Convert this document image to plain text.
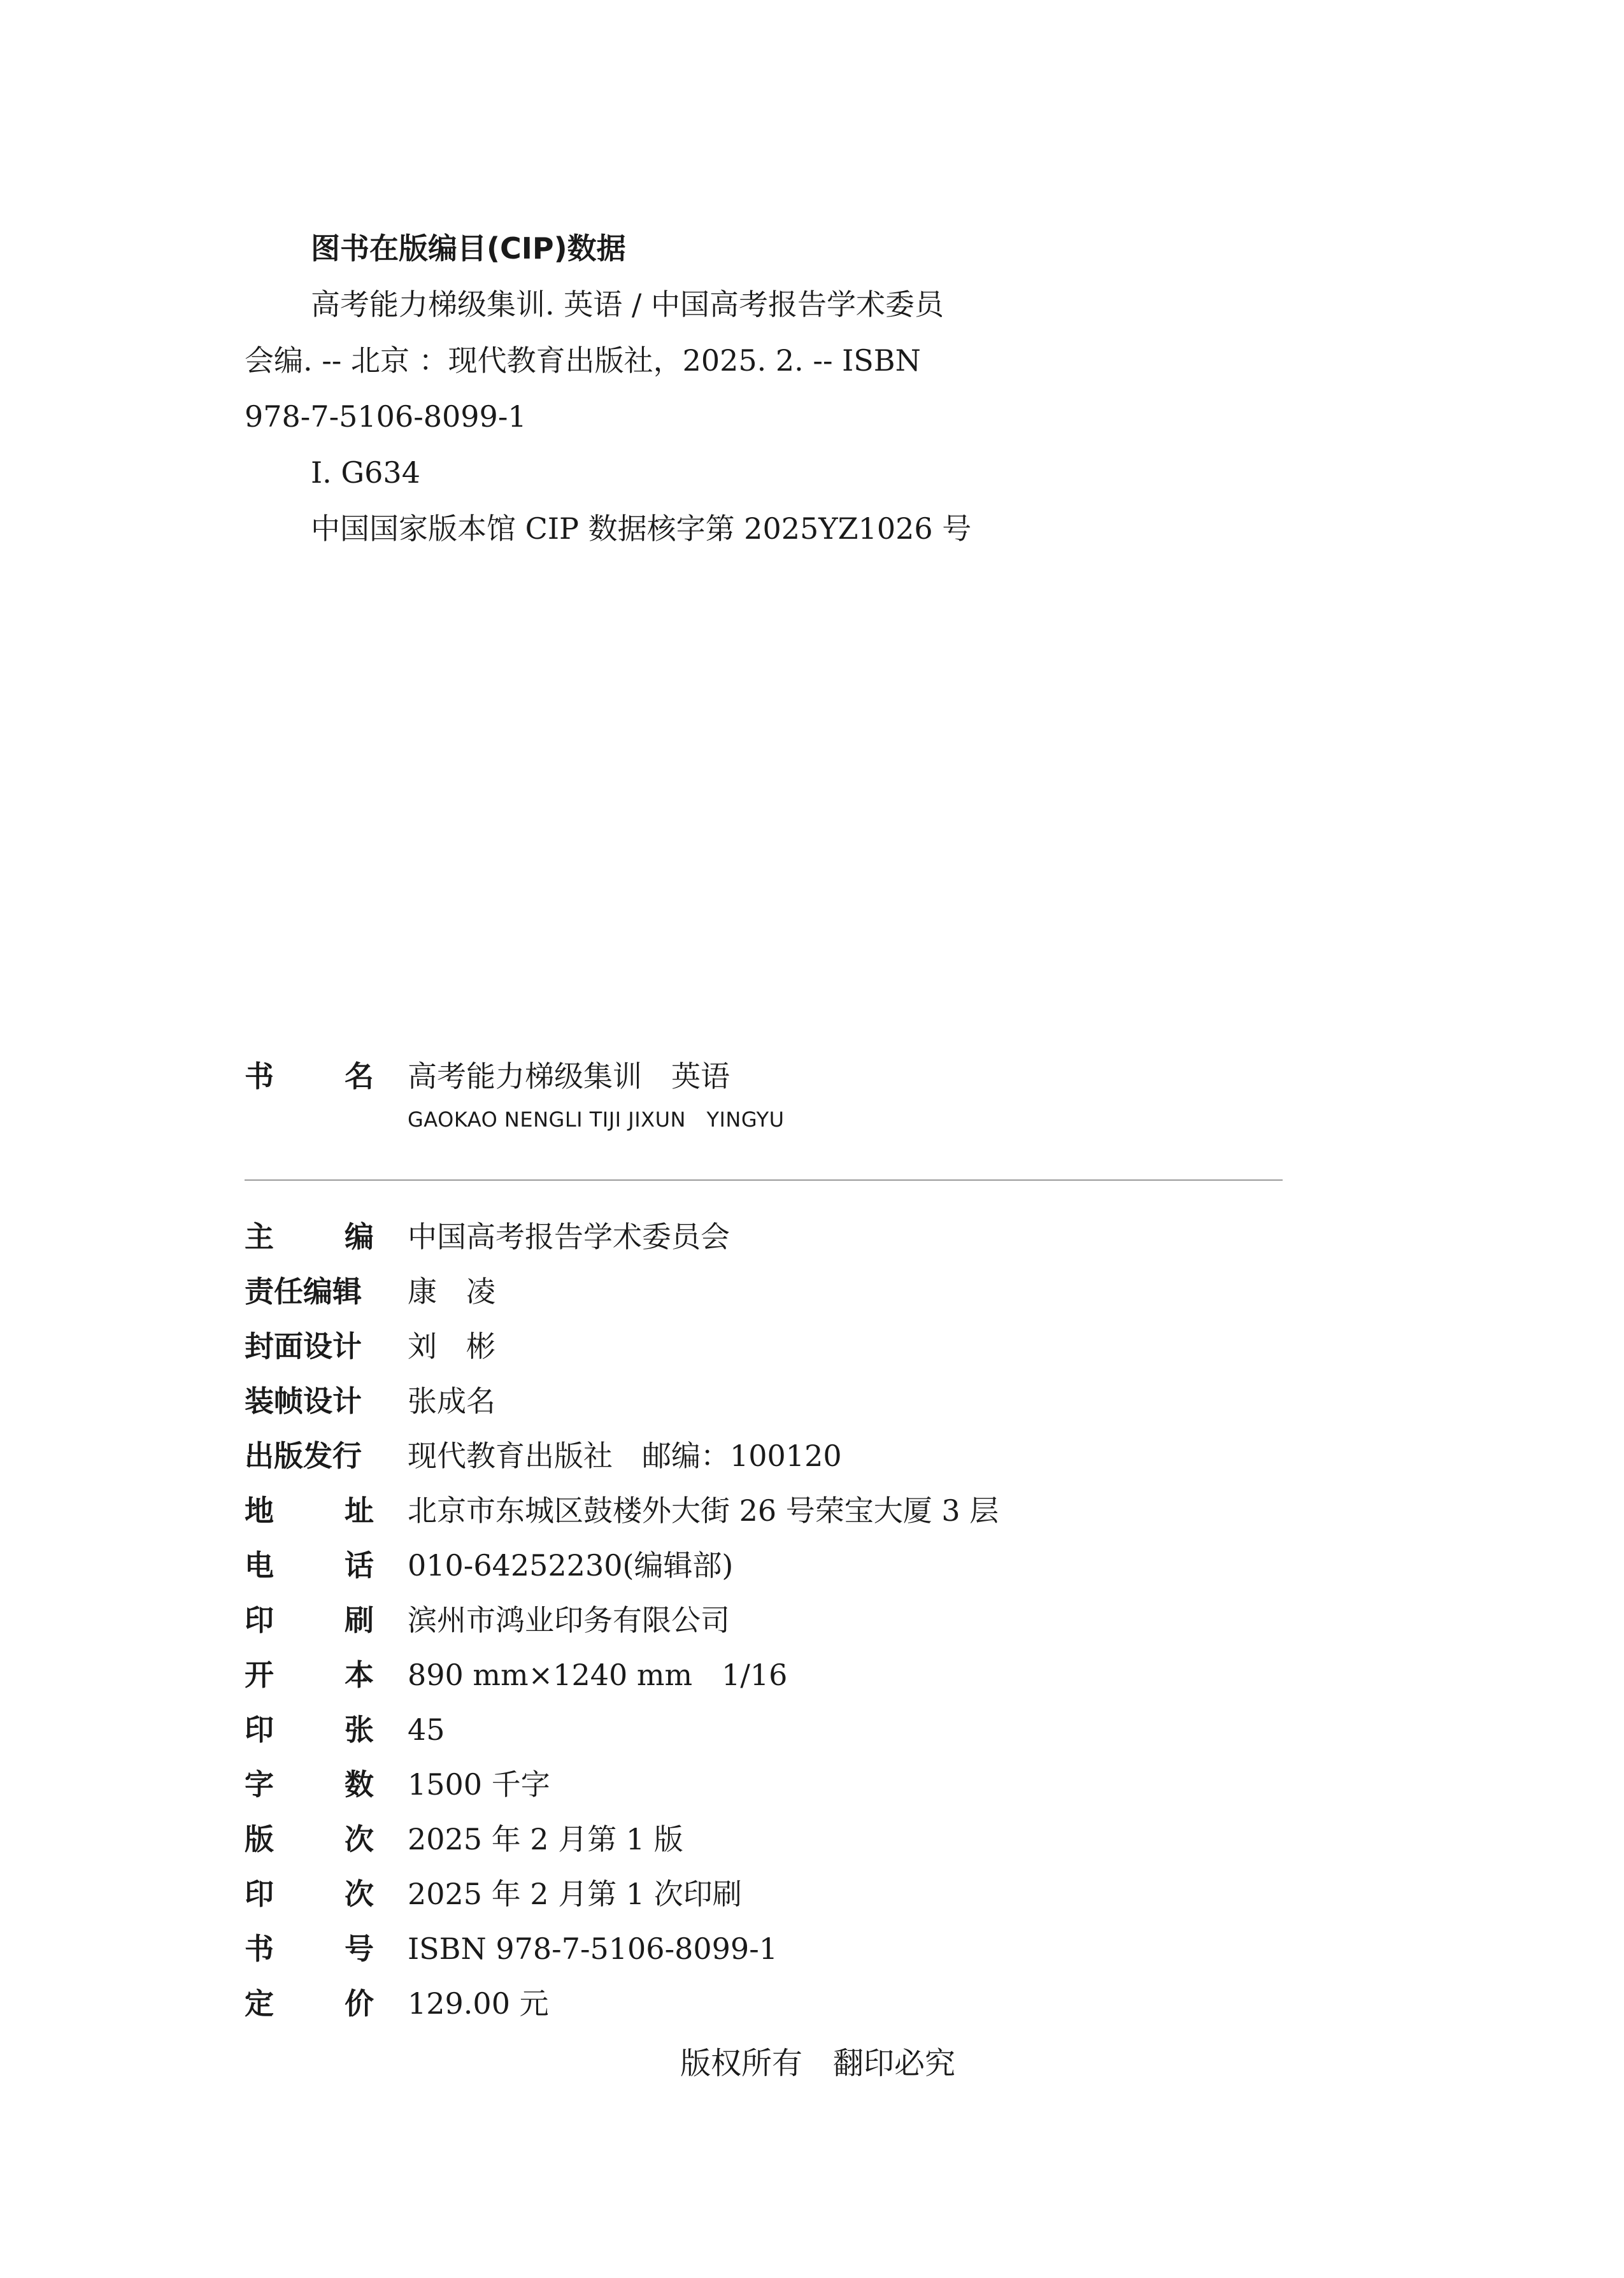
图书在版编目(CIP)数据
高考能力梯级集训. 英语 / 中国高考报告学术委员
会编. -- 北京 ：现代教育出版社，2025. 2. -- ISBN
978-7-5106-8099-1
Ⅰ. G634
中国国家版本馆 CIP 数据核字第 2025YZ1026 号
书 名 高考能力梯级集训　英语
GAOKAO NENGLI TIJI JIXUN　YINGYU
主 编 中国高考报告学术委员会
责任编辑	康　凌
封面设计	刘　彬
装帧设计	张成名
出版发行	现代教育出版社　邮编：100120
地 址 北京市东城区鼓楼外大街 26 号荣宝大厦 3 层
电 话 010-64252230(编辑部)
印 刷 滨州市鸿业印务有限公司
开 本 890 mm×1240 mm　1/16
印 张 45
字 数 1500 千字
版 次 2025 年 2 月第 1 版
印 次 2025 年 2 月第 1 次印刷
书 号 ISBN 978-7-5106-8099-1
定 价 129.00 元
版权所有　翻印必究
